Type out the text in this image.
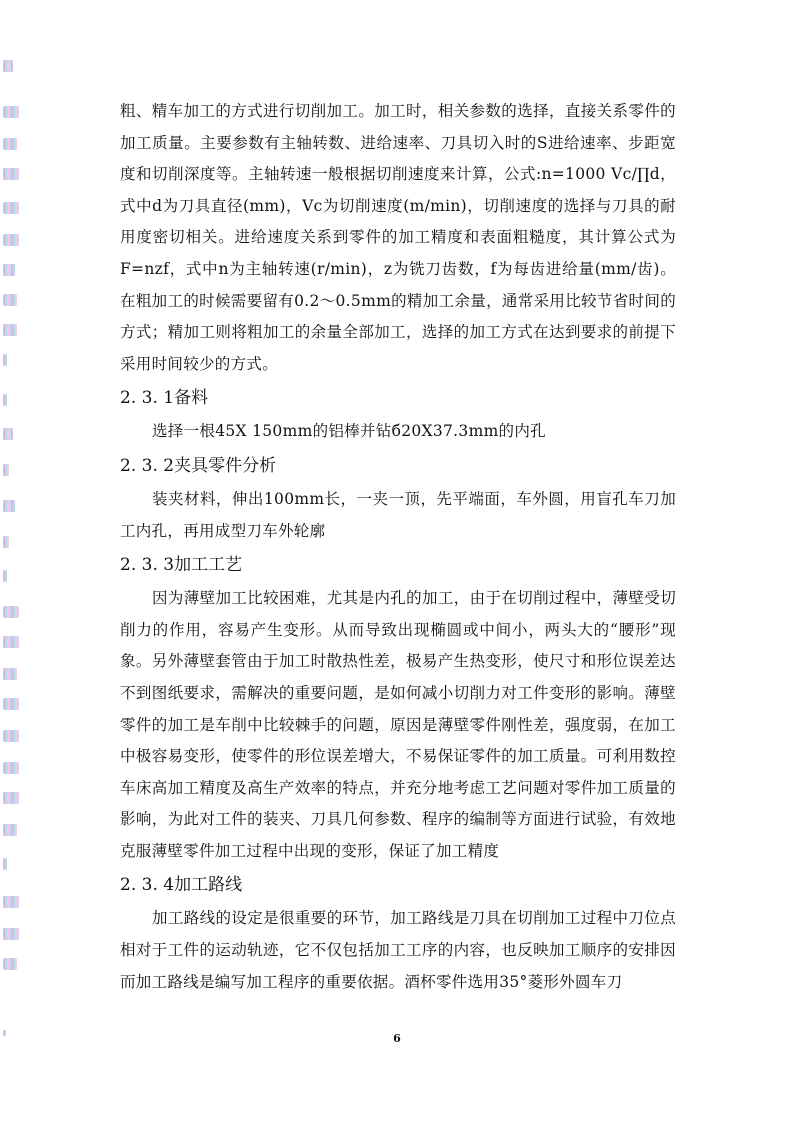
粗、精车加工的方式进行切削加工。加工时，相关参数的选择，直接关系零件的加工质量。主要参数有主轴转数、进给速率、刀具切入时的S进给速率、步距宽度和切削深度等。主轴转速一般根据切削速度来计算，公式:n=1000 Vc/∏d，式中d为刀具直径(mm)，Vc为切削速度(m/min)，切削速度的选择与刀具的耐用度密切相关。进给速度关系到零件的加工精度和表面粗糙度，其计算公式为F=nzf，式中n为主轴转速(r/min)，z为铣刀齿数，f为每齿进给量(mm/齿)。在粗加工的时候需要留有0.2～0.5mm的精加工余量，通常采用比较节省时间的方式；精加工则将粗加工的余量全部加工，选择的加工方式在达到要求的前提下采用时间较少的方式。

2. 3. 1备料

选择一根45X 150mm的铝棒并钻б20X37.3mm的内孔

2. 3. 2夹具零件分析

装夹材料，伸出100mm长，一夹一顶，先平端面，车外圆，用盲孔车刀加工内孔，再用成型刀车外轮廓

2. 3. 3加工工艺

因为薄壁加工比较困难，尤其是内孔的加工，由于在切削过程中，薄壁受切削力的作用，容易产生变形。从而导致出现椭圆或中间小，两头大的“腰形”现象。另外薄壁套管由于加工时散热性差，极易产生热变形，使尺寸和形位误差达不到图纸要求，需解决的重要问题，是如何减小切削力对工件变形的影响。薄壁零件的加工是车削中比较棘手的问题，原因是薄壁零件刚性差，强度弱，在加工中极容易变形，使零件的形位误差增大，不易保证零件的加工质量。可利用数控车床高加工精度及高生产效率的特点，并充分地考虑工艺问题对零件加工质量的影响，为此对工件的装夹、刀具几何参数、程序的编制等方面进行试验，有效地克服薄壁零件加工过程中出现的变形，保证了加工精度

2. 3. 4加工路线

加工路线的设定是很重要的环节，加工路线是刀具在切削加工过程中刀位点相对于工件的运动轨迹，它不仅包括加工工序的内容，也反映加工顺序的安排因而加工路线是编写加工程序的重要依据。酒杯零件选用35°菱形外圆车刀

6
